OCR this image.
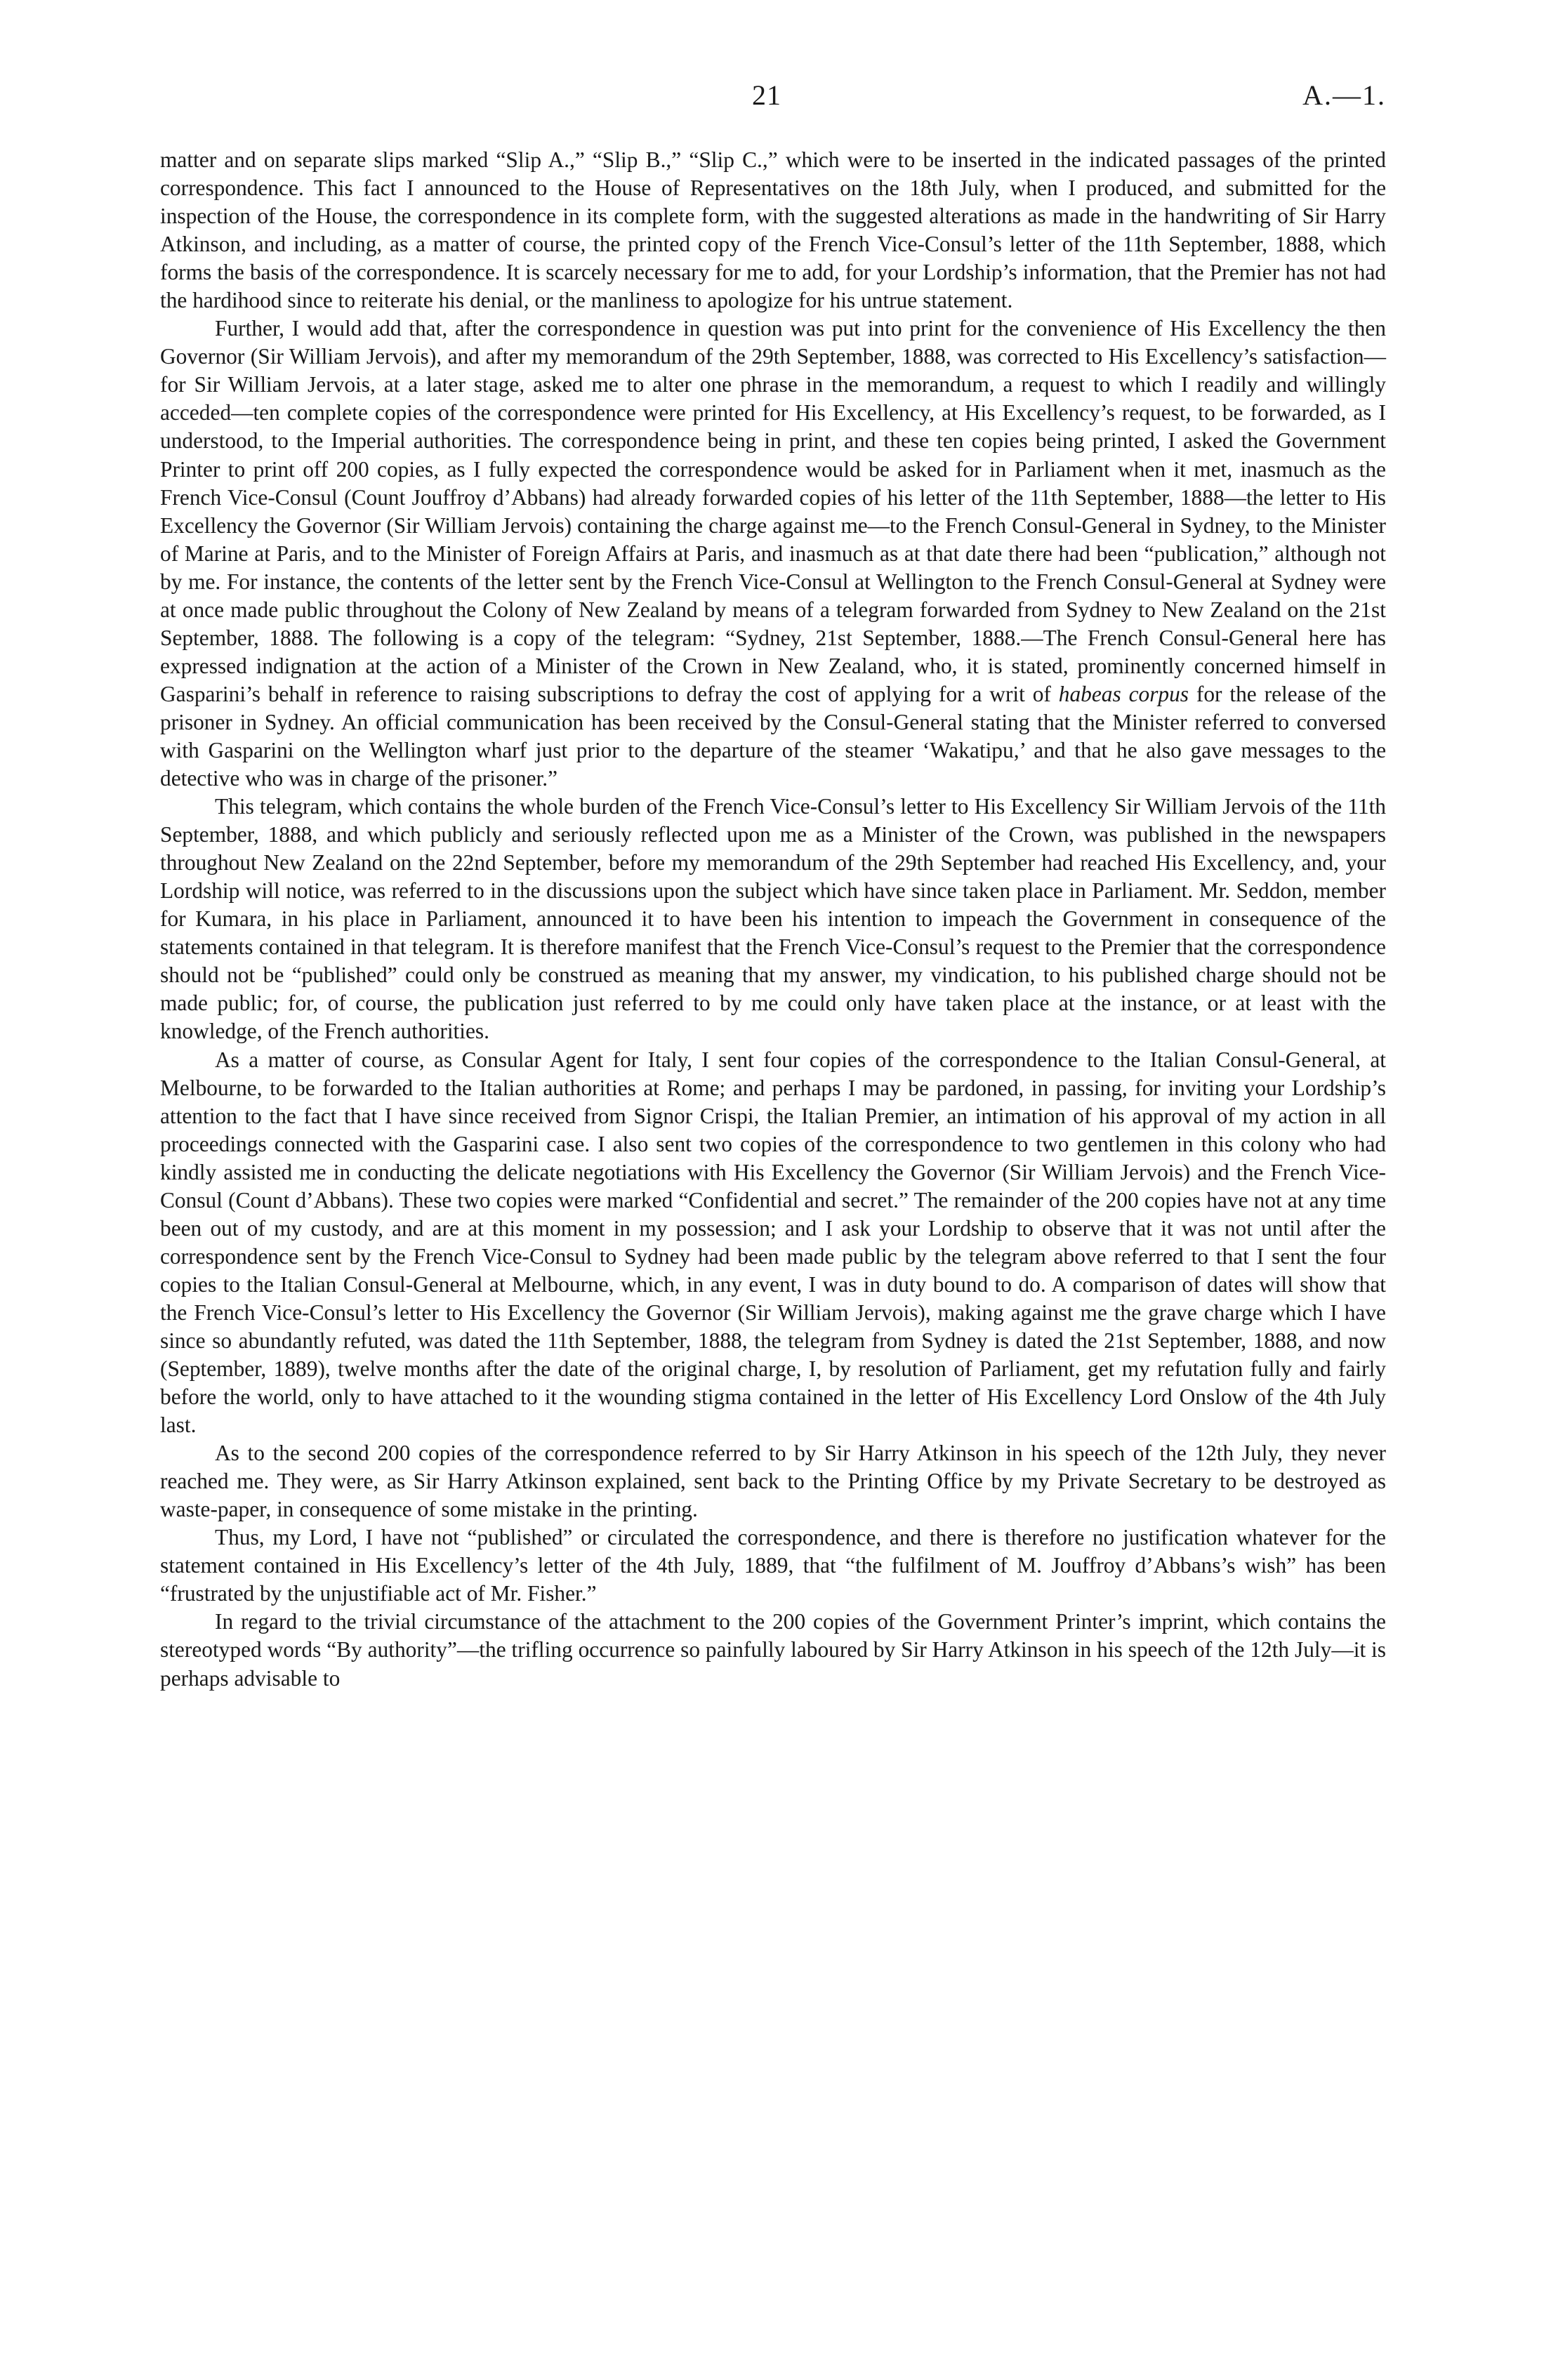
21	A.—1.

matter and on separate slips marked “Slip A.,” “Slip B.,” “Slip C.,” which were to be inserted in the indicated passages of the printed correspondence. This fact I announced to the House of Representatives on the 18th July, when I produced, and submitted for the inspection of the House, the correspondence in its complete form, with the suggested alterations as made in the handwriting of Sir Harry Atkinson, and including, as a matter of course, the printed copy of the French Vice-Consul’s letter of the 11th September, 1888, which forms the basis of the correspondence. It is scarcely necessary for me to add, for your Lordship’s information, that the Premier has not had the hardihood since to reiterate his denial, or the manliness to apologize for his untrue statement.

Further, I would add that, after the correspondence in question was put into print for the convenience of His Excellency the then Governor (Sir William Jervois), and after my memorandum of the 29th September, 1888, was corrected to His Excellency’s satisfaction—for Sir William Jervois, at a later stage, asked me to alter one phrase in the memorandum, a request to which I readily and willingly acceded—ten complete copies of the correspondence were printed for His Excellency, at His Excellency’s request, to be forwarded, as I understood, to the Imperial authorities. The correspondence being in print, and these ten copies being printed, I asked the Government Printer to print off 200 copies, as I fully expected the correspondence would be asked for in Parliament when it met, inasmuch as the French Vice-Consul (Count Jouffroy d’Abbans) had already forwarded copies of his letter of the 11th September, 1888—the letter to His Excellency the Governor (Sir William Jervois) containing the charge against me—to the French Consul-General in Sydney, to the Minister of Marine at Paris, and to the Minister of Foreign Affairs at Paris, and inasmuch as at that date there had been “publication,” although not by me. For instance, the contents of the letter sent by the French Vice-Consul at Wellington to the French Consul-General at Sydney were at once made public throughout the Colony of New Zealand by means of a telegram forwarded from Sydney to New Zealand on the 21st September, 1888. The following is a copy of the telegram: “Sydney, 21st September, 1888.—The French Consul-General here has expressed indignation at the action of a Minister of the Crown in New Zealand, who, it is stated, prominently concerned himself in Gasparini’s behalf in reference to raising subscriptions to defray the cost of applying for a writ of habeas corpus for the release of the prisoner in Sydney. An official communication has been received by the Consul-General stating that the Minister referred to conversed with Gasparini on the Wellington wharf just prior to the departure of the steamer ‘Wakatipu,’ and that he also gave messages to the detective who was in charge of the prisoner.”

This telegram, which contains the whole burden of the French Vice-Consul’s letter to His Excellency Sir William Jervois of the 11th September, 1888, and which publicly and seriously reflected upon me as a Minister of the Crown, was published in the newspapers throughout New Zealand on the 22nd September, before my memorandum of the 29th September had reached His Excellency, and, your Lordship will notice, was referred to in the discussions upon the subject which have since taken place in Parliament. Mr. Seddon, member for Kumara, in his place in Parliament, announced it to have been his intention to impeach the Government in consequence of the statements contained in that telegram. It is therefore manifest that the French Vice-Consul’s request to the Premier that the correspondence should not be “published” could only be construed as meaning that my answer, my vindication, to his published charge should not be made public; for, of course, the publication just referred to by me could only have taken place at the instance, or at least with the knowledge, of the French authorities.

As a matter of course, as Consular Agent for Italy, I sent four copies of the correspondence to the Italian Consul-General, at Melbourne, to be forwarded to the Italian authorities at Rome; and perhaps I may be pardoned, in passing, for inviting your Lordship’s attention to the fact that I have since received from Signor Crispi, the Italian Premier, an intimation of his approval of my action in all proceedings connected with the Gasparini case. I also sent two copies of the correspondence to two gentlemen in this colony who had kindly assisted me in conducting the delicate negotiations with His Excellency the Governor (Sir William Jervois) and the French Vice-Consul (Count d’Abbans). These two copies were marked “Confidential and secret.” The remainder of the 200 copies have not at any time been out of my custody, and are at this moment in my possession; and I ask your Lordship to observe that it was not until after the correspondence sent by the French Vice-Consul to Sydney had been made public by the telegram above referred to that I sent the four copies to the Italian Consul-General at Melbourne, which, in any event, I was in duty bound to do. A comparison of dates will show that the French Vice-Consul’s letter to His Excellency the Governor (Sir William Jervois), making against me the grave charge which I have since so abundantly refuted, was dated the 11th September, 1888, the telegram from Sydney is dated the 21st September, 1888, and now (September, 1889), twelve months after the date of the original charge, I, by resolution of Parliament, get my refutation fully and fairly before the world, only to have attached to it the wounding stigma contained in the letter of His Excellency Lord Onslow of the 4th July last.

As to the second 200 copies of the correspondence referred to by Sir Harry Atkinson in his speech of the 12th July, they never reached me. They were, as Sir Harry Atkinson explained, sent back to the Printing Office by my Private Secretary to be destroyed as waste-paper, in consequence of some mistake in the printing.

Thus, my Lord, I have not “published” or circulated the correspondence, and there is therefore no justification whatever for the statement contained in His Excellency’s letter of the 4th July, 1889, that “the fulfilment of M. Jouffroy d’Abbans’s wish” has been “frustrated by the unjustifiable act of Mr. Fisher.”

In regard to the trivial circumstance of the attachment to the 200 copies of the Government Printer’s imprint, which contains the stereotyped words “By authority”—the trifling occurrence so painfully laboured by Sir Harry Atkinson in his speech of the 12th July—it is perhaps advisable to
